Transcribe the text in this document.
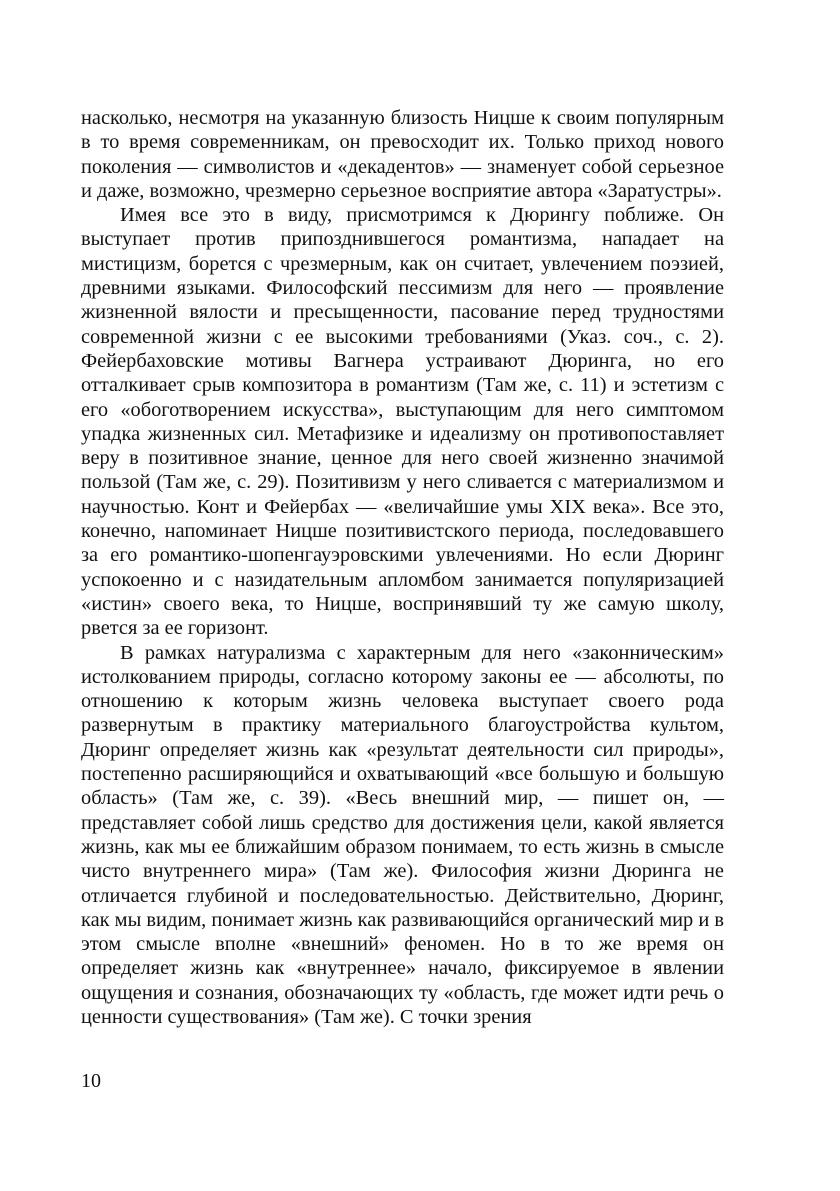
насколько, несмотря на указанную близость Ницше к своим популярным в то время современникам, он превосходит их. Только приход нового поколения — символистов и «декадентов» — знаменует собой серьезное и даже, возможно, чрезмерно серьезное восприятие автора «Заратустры».

Имея все это в виду, присмотримся к Дюрингу поближе. Он выступает против припозднившегося романтизма, нападает на мистицизм, борется с чрезмерным, как он считает, увлечением поэзией, древними языками. Философский пессимизм для него — проявление жизненной вялости и пресыщенности, пасование перед трудностями современной жизни с ее высокими требованиями (Указ. соч., с. 2). Фейербаховские мотивы Вагнера устраивают Дюринга, но его отталкивает срыв композитора в романтизм (Там же, с. 11) и эстетизм с его «обоготворением искусства», выступающим для него симптомом упадка жизненных сил. Метафизике и идеализму он противопоставляет веру в позитивное знание, ценное для него своей жизненно значимой пользой (Там же, с. 29). Позитивизм у него сливается с материализмом и научностью. Конт и Фейербах — «величайшие умы XIX века». Все это, конечно, напоминает Ницше позитивистского периода, последовавшего за его романтико-шопенгауэровскими увлечениями. Но если Дюринг успокоенно и с назидательным апломбом занимается популяризацией «истин» своего века, то Ницше, воспринявший ту же самую школу, рвется за ее горизонт.

В рамках натурализма с характерным для него «законническим» истолкованием природы, согласно которому законы ее — абсолюты, по отношению к которым жизнь человека выступает своего рода развернутым в практику материального благоустройства культом, Дюринг определяет жизнь как «результат деятельности сил природы», постепенно расширяющийся и охватывающий «все большую и большую область» (Там же, с. 39). «Весь внешний мир, — пишет он, — представляет собой лишь средство для достижения цели, какой является жизнь, как мы ее ближайшим образом понимаем, то есть жизнь в смысле чисто внутреннего мира» (Там же). Философия жизни Дюринга не отличается глубиной и последовательностью. Действительно, Дюринг, как мы видим, понимает жизнь как развивающийся органический мир и в этом смысле вполне «внешний» феномен. Но в то же время он определяет жизнь как «внутреннее» начало, фиксируемое в явлении ощущения и сознания, обозначающих ту «область, где может идти речь о ценности существования» (Там же). С точки зрения

10
